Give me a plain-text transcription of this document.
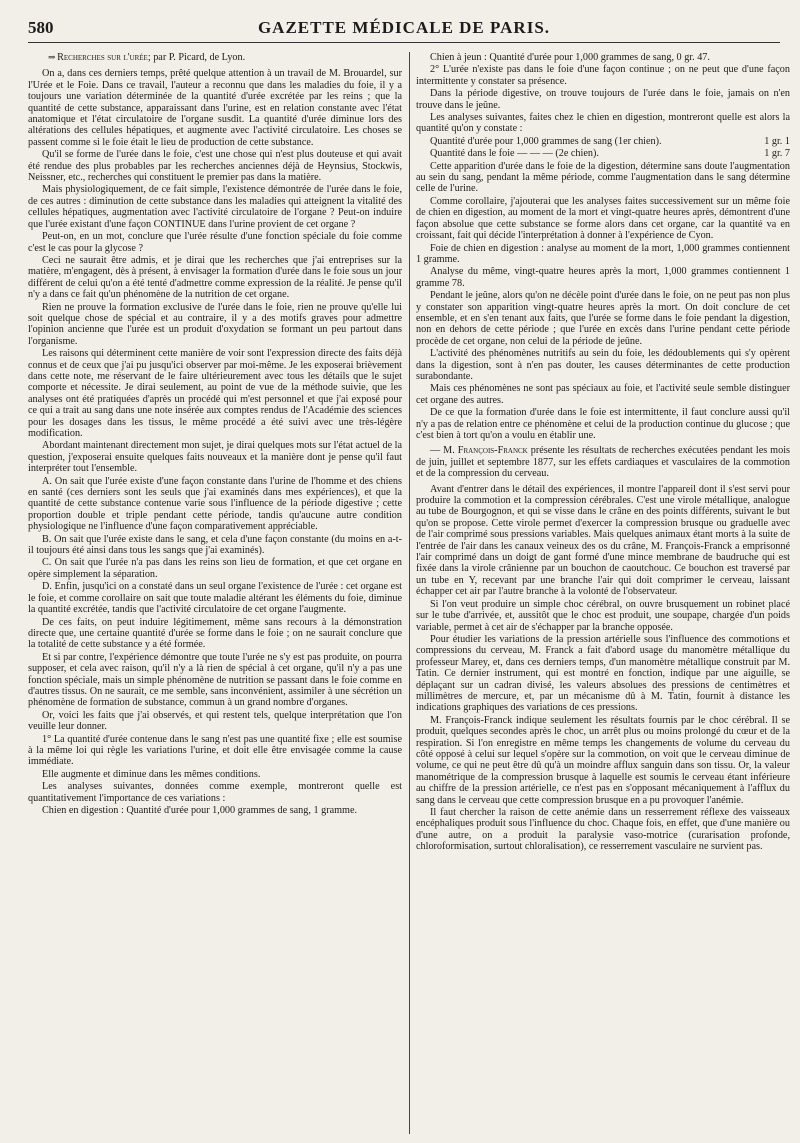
580	GAZETTE MÉDICALE DE PARIS.

⇒ Recherches sur l'urée; par P. Picard, de Lyon.

On a, dans ces derniers temps, prêté quelque attention à un travail de M. Brouardel, sur l'Urée et le Foie. Dans ce travail, l'auteur a reconnu que dans les maladies du foie, il y a toujours une variation déterminée de la quantité d'urée excrétée par les reins ; que la quantité de cette substance, apparaissant dans l'urine, est en relation constante avec l'état anatomique et l'état circulatoire de l'organe susdit. La quantité d'urée diminue lors des altérations des cellules hépatiques, et augmente avec l'activité circulatoire. Les choses se passent comme si le foie était le lieu de production de cette substance.

Qu'il se forme de l'urée dans le foie, c'est une chose qui n'est plus douteuse et qui avait été rendue des plus probables par les recherches anciennes déjà de Heynsius, Stockwis, Neissner, etc., recherches qui constituent le premier pas dans la matière.

Mais physiologiquement, de ce fait simple, l'existence démontrée de l'urée dans le foie, de ces autres : diminution de cette substance dans les maladies qui atteignent la vitalité des cellules hépatiques, augmentation avec l'activité circulatoire de l'organe ? Peut-on induire que l'urée existant d'une façon CONTINUE dans l'urine provient de cet organe ?

Peut-on, en un mot, conclure que l'urée résulte d'une fonction spéciale du foie comme c'est le cas pour la glycose ?

Ceci ne saurait être admis, et je dirai que les recherches que j'ai entreprises sur la matière, m'engagent, dès à présent, à envisager la formation d'urée dans le foie sous un jour différent de celui qu'on a été tenté d'admettre comme expression de la réalité. Je pense qu'il n'y a dans ce fait qu'un phénomène de la nutrition de cet organe.

Rien ne prouve la formation exclusive de l'urée dans le foie, rien ne prouve qu'elle lui soit quelque chose de spécial et au contraire, il y a des motifs graves pour admettre l'opinion ancienne que l'urée est un produit d'oxydation se formant un peu partout dans l'organisme.

Les raisons qui déterminent cette manière de voir sont l'expression directe des faits déjà connus et de ceux que j'ai pu jusqu'ici observer par moi-même. Je les exposerai brièvement dans cette note, me réservant de le faire ultérieurement avec tous les détails que le sujet comporte et nécessite. Je dirai seulement, au point de vue de la méthode suivie, que les analyses ont été pratiquées d'après un procédé qui m'est personnel et que j'ai exposé pour ce qui a trait au sang dans une note insérée aux comptes rendus de l'Académie des sciences pour les dosages dans les tissus, le même procédé a été suivi avec une très-légère modification.

Abordant maintenant directement mon sujet, je dirai quelques mots sur l'état actuel de la question, j'exposerai ensuite quelques faits nouveaux et la manière dont je pense qu'il faut interpréter tout l'ensemble.

A. On sait que l'urée existe d'une façon constante dans l'urine de l'homme et des chiens en santé (ces derniers sont les seuls que j'ai examinés dans mes expériences), et que la quantité de cette substance contenue varie sous l'influence de la période digestive ; cette proportion double et triple pendant cette période, tandis qu'aucune autre condition physiologique ne l'influence d'une façon comparativement appréciable.

B. On sait que l'urée existe dans le sang, et cela d'une façon constante (du moins en a-t-il toujours été ainsi dans tous les sangs que j'ai examinés).

C. On sait que l'urée n'a pas dans les reins son lieu de formation, et que cet organe en opère simplement la séparation.

D. Enfin, jusqu'ici on a constaté dans un seul organe l'existence de l'urée : cet organe est le foie, et comme corollaire on sait que toute maladie altérant les éléments du foie, diminue la quantité excrétée, tandis que l'activité circulatoire de cet organe l'augmente.

De ces faits, on peut induire légitimement, même sans recours à la démonstration directe que, une certaine quantité d'urée se forme dans le foie ; on ne saurait conclure que la totalité de cette substance y a été formée.

Et si par contre, l'expérience démontre que toute l'urée ne s'y est pas produite, on pourra supposer, et cela avec raison, qu'il n'y a là rien de spécial à cet organe, qu'il n'y a pas une fonction spéciale, mais un simple phénomène de nutrition se passant dans le foie comme en d'autres tissus. On ne saurait, ce me semble, sans inconvénient, assimiler à une sécrétion un phénomène de formation de substance, commun à un grand nombre d'organes.

Or, voici les faits que j'ai observés, et qui restent tels, quelque interprétation que l'on veuille leur donner.

1° La quantité d'urée contenue dans le sang n'est pas une quantité fixe ; elle est soumise à la même loi qui règle les variations l'urine, et doit elle être envisagée comme la cause immédiate.

Elle augmente et diminue dans les mêmes conditions.

Les analyses suivantes, données comme exemple, montreront quelle est quantitativement l'importance de ces variations :

Chien en digestion : Quantité d'urée pour 1,000 grammes de sang, 1 gramme.

Chien à jeun : Quantité d'urée pour 1,000 grammes de sang, 0 gr. 47.

2° L'urée n'existe pas dans le foie d'une façon continue ; on ne peut que d'une façon intermittente y constater sa présence.

Dans la période digestive, on trouve toujours de l'urée dans le foie, jamais on n'en trouve dans le jeûne.

Les analyses suivantes, faites chez le chien en digestion, montreront quelle est alors la quantité qu'on y constate :

Quantité d'urée pour 1,000 grammes de sang (1er chien).	1 gr. 1

Quantité dans le foie — — — (2e chien).	1 gr. 7

Cette apparition d'urée dans le foie de la digestion, détermine sans doute l'augmentation au sein du sang, pendant la même période, comme l'augmentation dans le sang détermine celle de l'urine.

Comme corollaire, j'ajouterai que les analyses faites successivement sur un même foie de chien en digestion, au moment de la mort et vingt-quatre heures après, démontrent d'une façon absolue que cette substance se forme alors dans cet organe, car la quantité va en croissant, fait qui décide l'interprétation à donner à l'expérience de Cyon.

Foie de chien en digestion : analyse au moment de la mort, 1,000 grammes contiennent 1 gramme.

Analyse du même, vingt-quatre heures après la mort, 1,000 grammes contiennent 1 gramme 78.

Pendant le jeûne, alors qu'on ne décèle point d'urée dans le foie, on ne peut pas non plus y constater son apparition vingt-quatre heures après la mort. On doit conclure de cet ensemble, et en s'en tenant aux faits, que l'urée se forme dans le foie pendant la digestion, non en dehors de cette période ; que l'urée en excès dans l'urine pendant cette période procède de cet organe, non celui de la période de jeûne.

L'activité des phénomènes nutritifs au sein du foie, les dédoublements qui s'y opèrent dans la digestion, sont à n'en pas douter, les causes déterminantes de cette production surabondante.

Mais ces phénomènes ne sont pas spéciaux au foie, et l'activité seule semble distinguer cet organe des autres.

De ce que la formation d'urée dans le foie est intermittente, il faut conclure aussi qu'il n'y a pas de relation entre ce phénomène et celui de la production continue du glucose ; que c'est bien à tort qu'on a voulu en établir une.

— M. François-Franck présente les résultats de recherches exécutées pendant les mois de juin, juillet et septembre 1877, sur les effets cardiaques et vasculaires de la commotion et de la compression du cerveau.

Avant d'entrer dans le détail des expériences, il montre l'appareil dont il s'est servi pour produire la commotion et la compression cérébrales. C'est une virole métallique, analogue au tube de Bourgognon, et qui se visse dans le crâne en des points différents, suivant le but qu'on se propose. Cette virole permet d'exercer la compression brusque ou graduelle avec de l'air comprimé sous pressions variables. Mais quelques animaux étant morts à la suite de l'entrée de l'air dans les canaux veineux des os du crâne, M. François-Franck a emprisonné l'air comprimé dans un doigt de gant formé d'une mince membrane de baudruche qui est fixée dans la virole crânienne par un bouchon de caoutchouc. Ce bouchon est traversé par un tube en Y, recevant par une branche l'air qui doit comprimer le cerveau, laissant échapper cet air par l'autre branche à la volonté de l'observateur.

Si l'on veut produire un simple choc cérébral, on ouvre brusquement un robinet placé sur le tube d'arrivée, et, aussitôt que le choc est produit, une soupape, chargée d'un poids variable, permet à cet air de s'échapper par la branche opposée.

Pour étudier les variations de la pression artérielle sous l'influence des commotions et compressions du cerveau, M. Franck a fait d'abord usage du manomètre métallique du professeur Marey, et, dans ces derniers temps, d'un manomètre métallique construit par M. Tatin. Ce dernier instrument, qui est montré en fonction, indique par une aiguille, se déplaçant sur un cadran divisé, les valeurs absolues des pressions de centimètres et millimètres de mercure, et, par un mécanisme dû à M. Tatin, fournit à distance les indications graphiques des variations de ces pressions.

M. François-Franck indique seulement les résultats fournis par le choc cérébral. Il se produit, quelques secondes après le choc, un arrêt plus ou moins prolongé du cœur et de la respiration. Si l'on enregistre en même temps les changements de volume du cerveau du côté opposé à celui sur lequel s'opère sur la commotion, on voit que le cerveau diminue de volume, ce qui ne peut être dû qu'à un moindre afflux sanguin dans son tissu. Or, la valeur manométrique de la compression brusque à laquelle est soumis le cerveau étant inférieure au chiffre de la pression artérielle, ce n'est pas en s'opposant mécaniquement à l'afflux du sang dans le cerveau que cette compression brusque en a pu provoquer l'anémie.

Il faut chercher la raison de cette anémie dans un resserrement réflexe des vaisseaux encéphaliques produit sous l'influence du choc. Chaque fois, en effet, que d'une manière ou d'une autre, on a produit la paralysie vaso-motrice (curarisation profonde, chloroformisation, surtout chloralisation), ce resserrement vasculaire ne survient pas.
